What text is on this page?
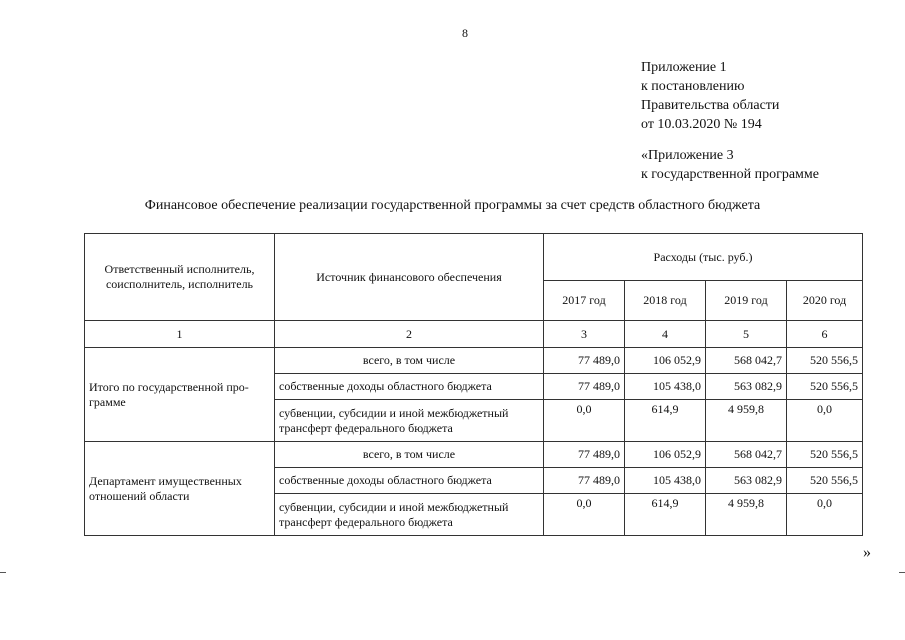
8
Приложение 1
к постановлению
Правительства области
от 10.03.2020 № 194
«Приложение 3
к государственной программе
Финансовое обеспечение реализации государственной программы за счет средств областного бюджета
Ответственный исполнитель, соисполнитель, исполнитель	Источник финансового обеспечения	Расходы (тыс. руб.)			
		2017 год	2018 год	2019 год	2020 год
1	2	3	4	5	6
Итого по государственной про-грамме	всего, в том числе	77 489,0	106 052,9	568 042,7	520 556,5
	собственные доходы областного бюджета	77 489,0	105 438,0	563 082,9	520 556,5
	субвенции, субсидии и иной межбюджетный трансферт федерального бюджета	0,0	614,9	4 959,8	0,0
Департамент имущественных отношений области	всего, в том числе	77 489,0	106 052,9	568 042,7	520 556,5
	собственные доходы областного бюджета	77 489,0	105 438,0	563 082,9	520 556,5
	субвенции, субсидии и иной межбюджетный трансферт федерального бюджета	0,0	614,9	4 959,8	0,0
»
